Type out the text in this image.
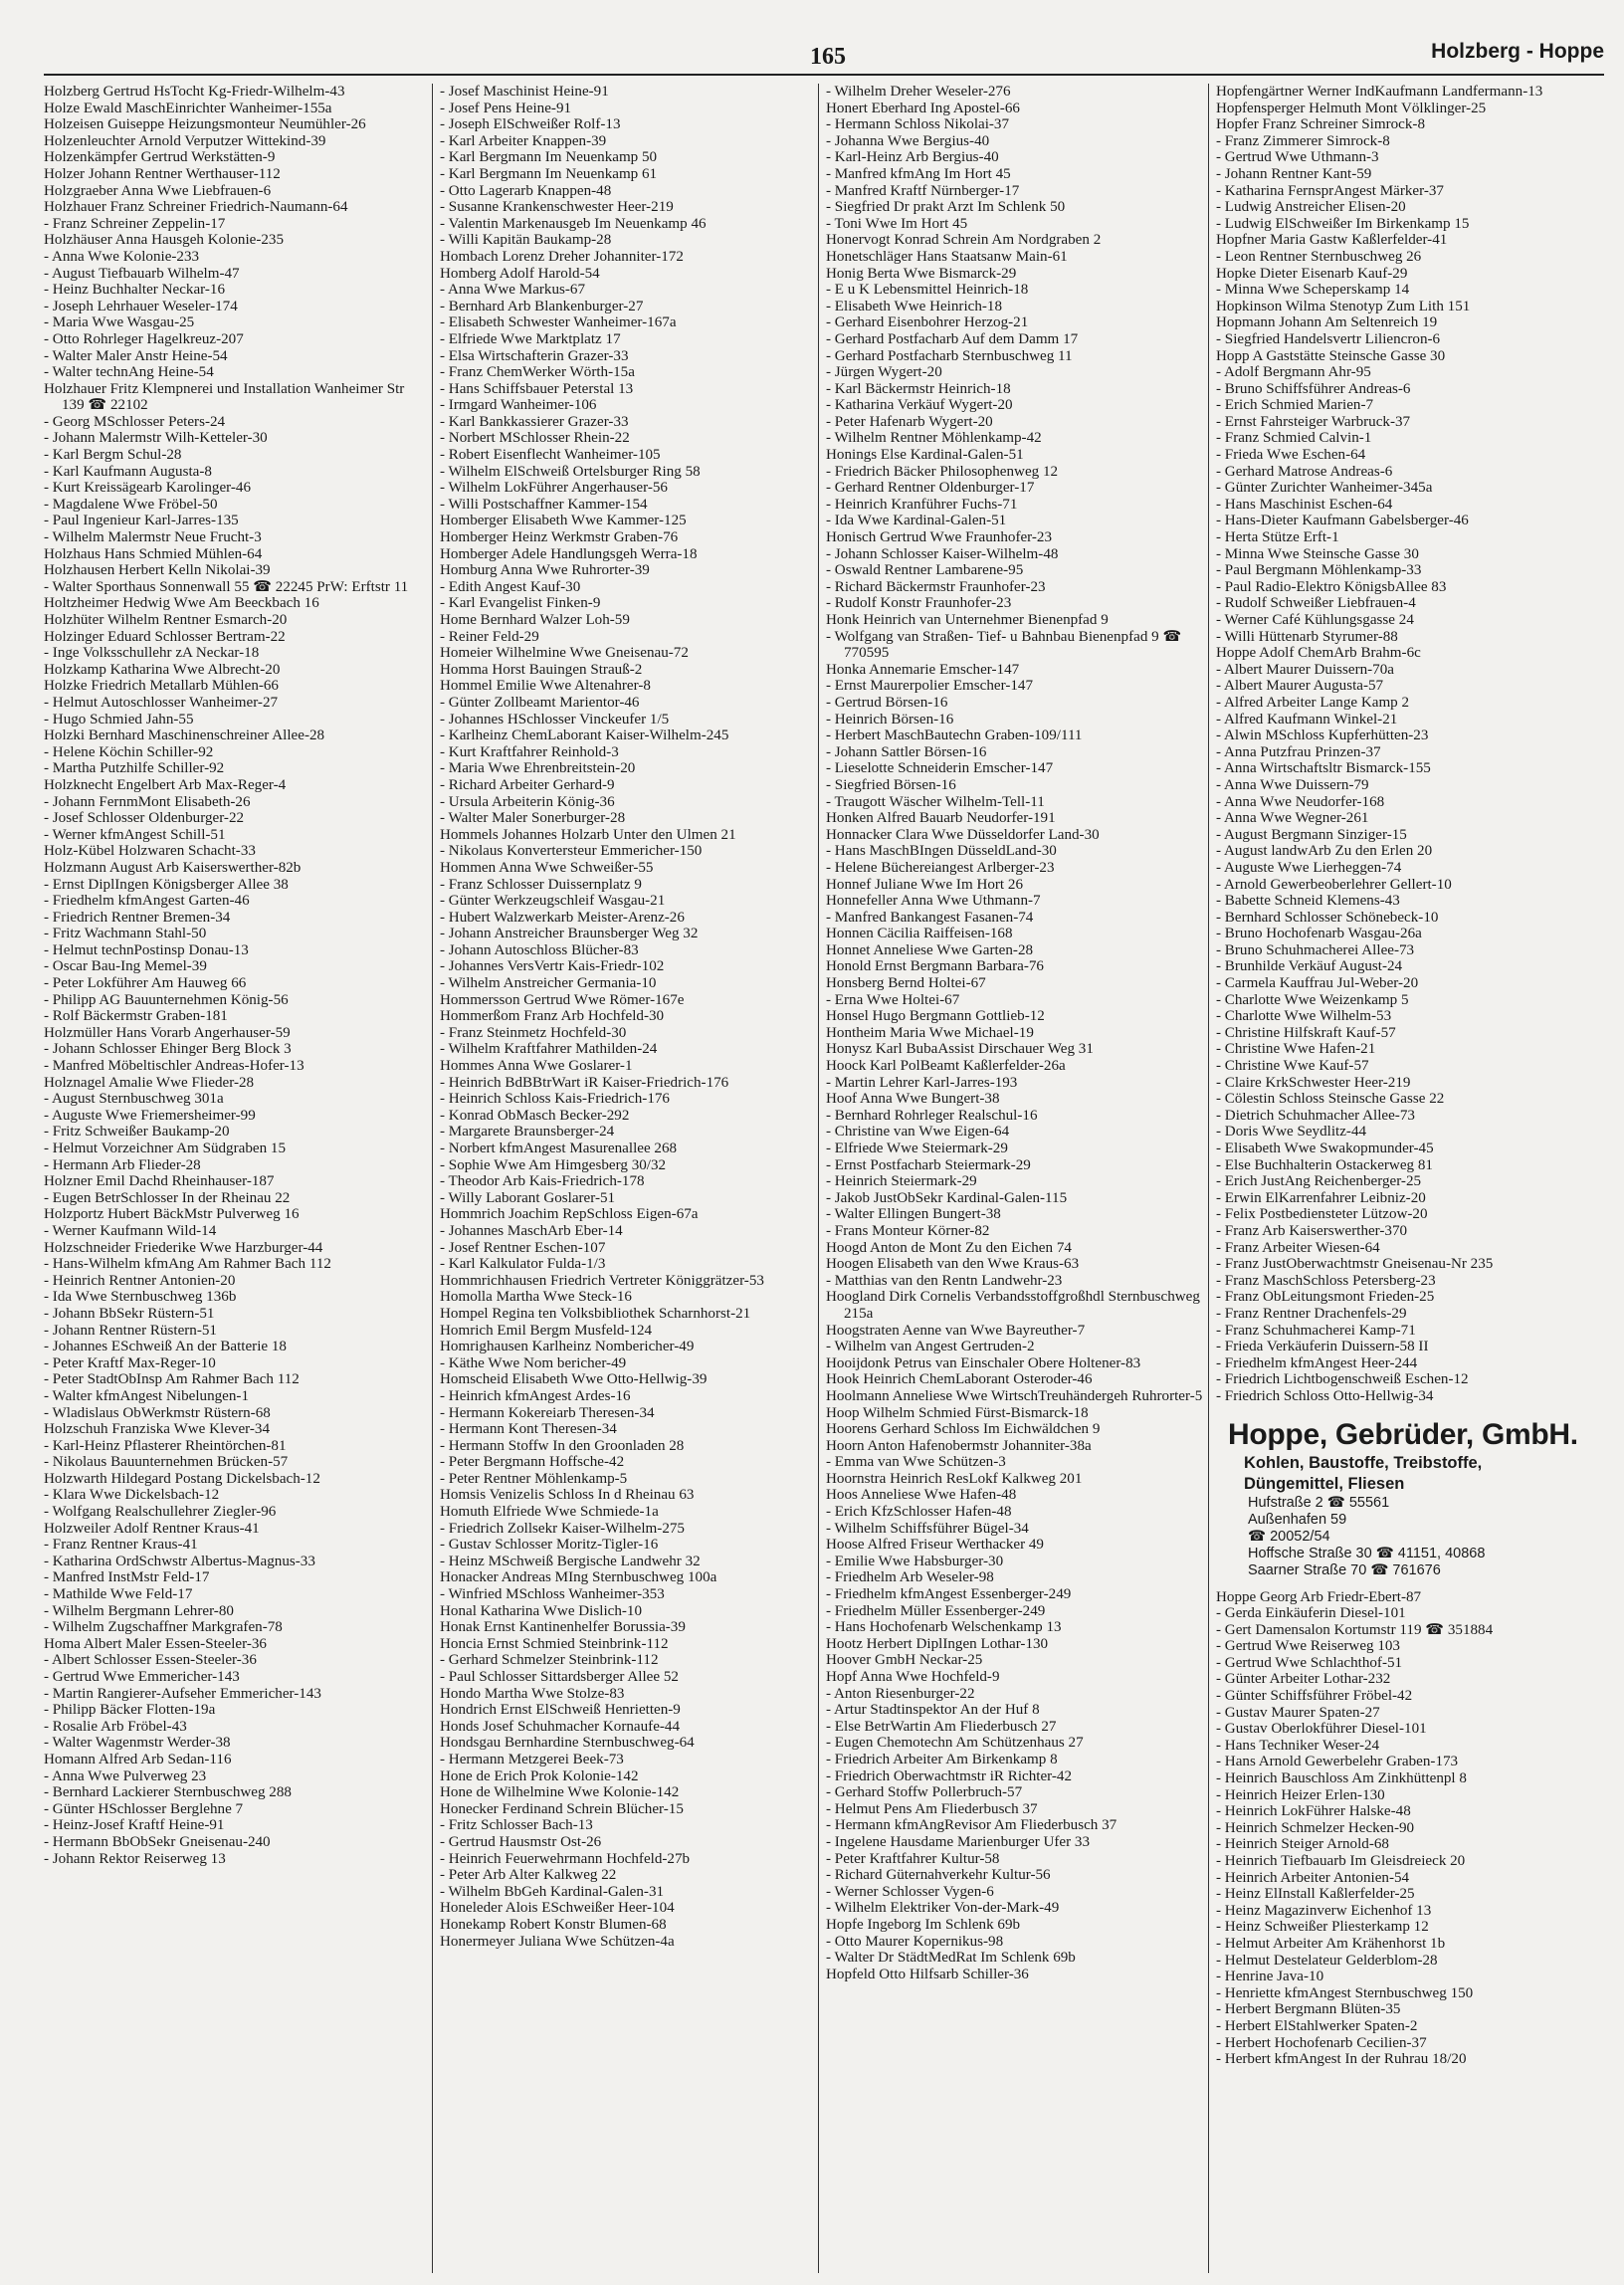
165	Holzberg - Hoppe
Holzberg Gertrud HsTocht Kg-Friedr-Wilhelm-43
Holze Ewald MaschEinrichter Wanheimer-155a
Holzeisen Guiseppe Heizungsmonteur Neumühler-26
Holzenleuchter Arnold Verputzer Wittekind-39
Holzenkämpfer Gertrud Werkstätten-9
Holzer Johann Rentner Werthauser-112
Holzgraeber Anna Wwe Liebfrauen-6
Holzhauer Franz Schreiner Friedrich-Naumann-64
- Franz Schreiner Zeppelin-17
Holzhäuser Anna Hausgeh Kolonie-235
- Anna Wwe Kolonie-233
- August Tiefbauarb Wilhelm-47
- Heinz Buchhalter Neckar-16
- Joseph Lehrhauer Weseler-174
- Maria Wwe Wasgau-25
- Otto Rohrleger Hagelkreuz-207
- Walter Maler Anstr Heine-54
- Walter technAng Heine-54
Holzhauer Fritz Klempnerei und Installation Wanheimer Str 139 ☎ 22102
- Georg MSchlosser Peters-24
- Johann Malermstr Wilh-Ketteler-30
- Karl Bergm Schul-28
- Karl Kaufmann Augusta-8
- Kurt Kreissägearb Karolinger-46
- Magdalene Wwe Fröbel-50
- Paul Ingenieur Karl-Jarres-135
- Wilhelm Malermstr Neue Frucht-3
Holzhaus Hans Schmied Mühlen-64
Holzhausen Herbert Kelln Nikolai-39
- Walter Sporthaus Sonnenwall 55 ☎ 22245 PrW: Erftstr 11
Holtzheimer Hedwig Wwe Am Beeckbach 16
Holzhüter Wilhelm Rentner Esmarch-20
Holzinger Eduard Schlosser Bertram-22
- Inge Volksschullehr zA Neckar-18
Holzkamp Katharina Wwe Albrecht-20
Holzke Friedrich Metallarb Mühlen-66
- Helmut Autoschlosser Wanheimer-27
- Hugo Schmied Jahn-55
Holzki Bernhard Maschinenschreiner Allee-28
- Helene Köchin Schiller-92
- Martha Putzhilfe Schiller-92
Holzknecht Engelbert Arb Max-Reger-4
- Johann FernmMont Elisabeth-26
- Josef Schlosser Oldenburger-22
- Werner kfmAngest Schill-51
Holz-Kübel Holzwaren Schacht-33
Holzmann August Arb Kaiserswerther-82b
- Ernst DiplIngen Königsberger Allee 38
- Friedhelm kfmAngest Garten-46
- Friedrich Rentner Bremen-34
- Fritz Wachmann Stahl-50
- Helmut technPostinsp Donau-13
- Oscar Bau-Ing Memel-39
- Peter Lokführer Am Hauweg 66
- Philipp AG Bauunternehmen König-56
- Rolf Bäckermstr Graben-181
Holzmüller Hans Vorarb Angerhauser-59
- Johann Schlosser Ehinger Berg Block 3
- Manfred Möbeltischler Andreas-Hofer-13
Holznagel Amalie Wwe Flieder-28
- August Sternbuschweg 301a
- Auguste Wwe Friemersheimer-99
- Fritz Schweißer Baukamp-20
- Helmut Vorzeichner Am Südgraben 15
- Hermann Arb Flieder-28
Holzner Emil Dachd Rheinhauser-187
- Eugen BetrSchlosser In der Rheinau 22
Holzportz Hubert BäckMstr Pulverweg 16
- Werner Kaufmann Wild-14
Holzschneider Friederike Wwe Harzburger-44
- Hans-Wilhelm kfmAng Am Rahmer Bach 112
- Heinrich Rentner Antonien-20
- Ida Wwe Sternbuschweg 136b
- Johann BbSekr Rüstern-51
- Johann Rentner Rüstern-51
- Johannes ESchweiß An der Batterie 18
- Peter Kraftf Max-Reger-10
- Peter StadtObInsp Am Rahmer Bach 112
- Walter kfmAngest Nibelungen-1
- Wladislaus ObWerkmstr Rüstern-68
Holzschuh Franziska Wwe Klever-34
- Karl-Heinz Pflasterer Rheintörchen-81
- Nikolaus Bauunternehmen Brücken-57
Holzwarth Hildegard Postang Dickelsbach-12
- Klara Wwe Dickelsbach-12
- Wolfgang Realschullehrer Ziegler-96
Holzweiler Adolf Rentner Kraus-41
- Franz Rentner Kraus-41
- Katharina OrdSchwstr Albertus-Magnus-33
- Manfred InstMstr Feld-17
- Mathilde Wwe Feld-17
- Wilhelm Bergmann Lehrer-80
- Wilhelm Zugschaffner Markgrafen-78
Homa Albert Maler Essen-Steeler-36
- Albert Schlosser Essen-Steeler-36
- Gertrud Wwe Emmericher-143
- Martin Rangierer-Aufseher Emmericher-143
- Philipp Bäcker Flotten-19a
- Rosalie Arb Fröbel-43
- Walter Wagenmstr Werder-38
Homann Alfred Arb Sedan-116
- Anna Wwe Pulverweg 23
- Bernhard Lackierer Sternbuschweg 288
- Günter HSchlosser Berglehne 7
- Heinz-Josef Kraftf Heine-91
- Hermann BbObSekr Gneisenau-240
- Johann Rektor Reiserweg 13
- Josef Maschinist Heine-91
- Josef Pens Heine-91
- Joseph ElSchweißer Rolf-13
- Karl Arbeiter Knappen-39
- Karl Bergmann Im Neuenkamp 50
- Karl Bergmann Im Neuenkamp 61
- Otto Lagerarb Knappen-48
- Susanne Krankenschwester Heer-219
- Valentin Markenausgeb Im Neuenkamp 46
- Willi Kapitän Baukamp-28
Hombach Lorenz Dreher Johanniter-172
Homberg Adolf Harold-54
- Anna Wwe Markus-67
- Bernhard Arb Blankenburger-27
- Elisabeth Schwester Wanheimer-167a
- Elfriede Wwe Marktplatz 17
- Elsa Wirtschafterin Grazer-33
- Franz ChemWerker Wörth-15a
- Hans Schiffsbauer Peterstal 13
- Irmgard Wanheimer-106
- Karl Bankkassierer Grazer-33
- Norbert MSchlosser Rhein-22
- Robert Eisenflecht Wanheimer-105
- Wilhelm ElSchweiß Ortelsburger Ring 58
- Wilhelm LokFührer Angerhauser-56
- Willi Postschaffner Kammer-154
Homberger Elisabeth Wwe Kammer-125
Homberger Heinz Werkmstr Graben-76
Homberger Adele Handlungsgeh Werra-18
Homburg Anna Wwe Ruhrorter-39
- Edith Angest Kauf-30
- Karl Evangelist Finken-9
Home Bernhard Walzer Loh-59
- Reiner Feld-29
Homeier Wilhelmine Wwe Gneisenau-72
Homma Horst Bauingen Strauß-2
Hommel Emilie Wwe Altenahrer-8
- Günter Zollbeamt Marientor-46
- Johannes HSchlosser Vinckeufer 1/5
- Karlheinz ChemLaborant Kaiser-Wilhelm-245
- Kurt Kraftfahrer Reinhold-3
- Maria Wwe Ehrenbreitstein-20
- Richard Arbeiter Gerhard-9
- Ursula Arbeiterin König-36
- Walter Maler Sonerburger-28
Hommels Johannes Holzarb Unter den Ulmen 21
- Nikolaus Konvertersteur Emmericher-150
Hommen Anna Wwe Schweißer-55
- Franz Schlosser Duissernplatz 9
- Günter Werkzeugschleif Wasgau-21
- Hubert Walzwerkarb Meister-Arenz-26
- Johann Anstreicher Braunsberger Weg 32
- Johann Autoschloss Blücher-83
- Johannes VersVertr Kais-Friedr-102
- Wilhelm Anstreicher Germania-10
Hommersson Gertrud Wwe Römer-167e
Hommerßom Franz Arb Hochfeld-30
- Franz Steinmetz Hochfeld-30
- Wilhelm Kraftfahrer Mathilden-24
Hommes Anna Wwe Goslarer-1
- Heinrich BdBBtrWart iR Kaiser-Friedrich-176
- Heinrich Schloss Kais-Friedrich-176
- Konrad ObMasch Becker-292
- Margarete Braunsberger-24
- Norbert kfmAngest Masurenallee 268
- Sophie Wwe Am Himgesberg 30/32
- Theodor Arb Kais-Friedrich-178
- Willy Laborant Goslarer-51
Hommrich Joachim RepSchloss Eigen-67a
- Johannes MaschArb Eber-14
- Josef Rentner Eschen-107
- Karl Kalkulator Fulda-1/3
Hommrichhausen Friedrich Vertreter Königgrätzer-53
Homolla Martha Wwe Steck-16
Hompel Regina ten Volksbibliothek Scharnhorst-21
Homrich Emil Bergm Musfeld-124
Homrighausen Karlheinz Nombericher-49
- Käthe Wwe Nom bericher-49
Homscheid Elisabeth Wwe Otto-Hellwig-39
- Heinrich kfmAngest Ardes-16
- Hermann Kokereiarb Theresen-34
- Hermann Kont Theresen-34
- Hermann Stoffw In den Groonladen 28
- Peter Bergmann Hoffsche-42
- Peter Rentner Möhlenkamp-5
Homsis Venizelis Schloss In d Rheinau 63
Homuth Elfriede Wwe Schmiede-1a
- Friedrich Zollsekr Kaiser-Wilhelm-275
- Gustav Schlosser Moritz-Tigler-16
- Heinz MSchweiß Bergische Landwehr 32
Honacker Andreas MIng Sternbuschweg 100a
- Winfried MSchloss Wanheimer-353
Honal Katharina Wwe Dislich-10
Honak Ernst Kantinenhelfer Borussia-39
Honcia Ernst Schmied Steinbrink-112
- Gerhard Schmelzer Steinbrink-112
- Paul Schlosser Sittardsberger Allee 52
Hondo Martha Wwe Stolze-83
Hondrich Ernst ElSchweiß Henrietten-9
Honds Josef Schuhmacher Kornaufe-44
Hondsgau Bernhardine Sternbuschweg-64
- Hermann Metzgerei Beek-73
Hone de Erich Prok Kolonie-142
Hone de Wilhelmine Wwe Kolonie-142
Honecker Ferdinand Schrein Blücher-15
- Fritz Schlosser Bach-13
- Gertrud Hausmstr Ost-26
- Heinrich Feuerwehrmann Hochfeld-27b
- Peter Arb Alter Kalkweg 22
- Wilhelm BbGeh Kardinal-Galen-31
Honeleder Alois ESchweißer Heer-104
Honekamp Robert Konstr Blumen-68
Honermeyer Juliana Wwe Schützen-4a
- Wilhelm Dreher Weseler-276
Honert Eberhard Ing Apostel-66
- Hermann Schloss Nikolai-37
- Johanna Wwe Bergius-40
- Karl-Heinz Arb Bergius-40
- Manfred kfmAng Im Hort 45
- Manfred Kraftf Nürnberger-17
- Siegfried Dr prakt Arzt Im Schlenk 50
- Toni Wwe Im Hort 45
Honervogt Konrad Schrein Am Nordgraben 2
Honetschläger Hans Staatsanw Main-61
Honig Berta Wwe Bismarck-29
- E u K Lebensmittel Heinrich-18
- Elisabeth Wwe Heinrich-18
- Gerhard Eisenbohrer Herzog-21
- Gerhard Postfacharb Auf dem Damm 17
- Gerhard Postfacharb Sternbuschweg 11
- Jürgen Wygert-20
- Karl Bäckermstr Heinrich-18
- Katharina Verkäuf Wygert-20
- Peter Hafenarb Wygert-20
- Wilhelm Rentner Möhlenkamp-42
Honings Else Kardinal-Galen-51
- Friedrich Bäcker Philosophenweg 12
- Gerhard Rentner Oldenburger-17
- Heinrich Kranführer Fuchs-71
- Ida Wwe Kardinal-Galen-51
Honisch Gertrud Wwe Fraunhofer-23
- Johann Schlosser Kaiser-Wilhelm-48
- Oswald Rentner Lambarene-95
- Richard Bäckermstr Fraunhofer-23
- Rudolf Konstr Fraunhofer-23
Honk Heinrich van Unternehmer Bienenpfad 9
- Wolfgang van Straßen- Tief- u Bahnbau Bienenpfad 9 ☎ 770595
Honka Annemarie Emscher-147
- Ernst Maurerpolier Emscher-147
- Gertrud Börsen-16
- Heinrich Börsen-16
- Herbert MaschBautechn Graben-109/111
- Johann Sattler Börsen-16
- Lieselotte Schneiderin Emscher-147
- Siegfried Börsen-16
- Traugott Wäscher Wilhelm-Tell-11
Honken Alfred Bauarb Neudorfer-191
Honnacker Clara Wwe Düsseldorfer Land-30
- Hans MaschBIngen DüsseldLand-30
- Helene Büchereiangest Arlberger-23
Honnef Juliane Wwe Im Hort 26
Honnefeller Anna Wwe Uthmann-7
- Manfred Bankangest Fasanen-74
Honnen Cäcilia Raiffeisen-168
Honnet Anneliese Wwe Garten-28
Honold Ernst Bergmann Barbara-76
Honsberg Bernd Holtei-67
- Erna Wwe Holtei-67
Honsel Hugo Bergmann Gottlieb-12
Hontheim Maria Wwe Michael-19
Honysz Karl BubaAssist Dirschauer Weg 31
Hoock Karl PolBeamt Kaßlerfelder-26a
- Martin Lehrer Karl-Jarres-193
Hoof Anna Wwe Bungert-38
- Bernhard Rohrleger Realschul-16
- Christine van Wwe Eigen-64
- Elfriede Wwe Steiermark-29
- Ernst Postfacharb Steiermark-29
- Heinrich Steiermark-29
- Jakob JustObSekr Kardinal-Galen-115
- Walter Ellingen Bungert-38
- Frans Monteur Körner-82
Hoogd Anton de Mont Zu den Eichen 74
Hoogen Elisabeth van den Wwe Kraus-63
- Matthias van den Rentn Landwehr-23
Hoogland Dirk Cornelis Verbandsstoffgroßhdl Sternbuschweg 215a
Hoogstraten Aenne van Wwe Bayreuther-7
- Wilhelm van Angest Gertruden-2
Hooijdonk Petrus van Einschaler Obere Holtener-83
Hook Heinrich ChemLaborant Osteroder-46
Hoolmann Anneliese Wwe WirtschTreuhändergeh Ruhrorter-5
Hoop Wilhelm Schmied Fürst-Bismarck-18
Hoorens Gerhard Schloss Im Eichwäldchen 9
Hoorn Anton Hafenobermstr Johanniter-38a
- Emma van Wwe Schützen-3
Hoornstra Heinrich ResLokf Kalkweg 201
Hoos Anneliese Wwe Hafen-48
- Erich KfzSchlosser Hafen-48
- Wilhelm Schiffsführer Bügel-34
Hoose Alfred Friseur Werthacker 49
- Emilie Wwe Habsburger-30
- Friedhelm Arb Weseler-98
- Friedhelm kfmAngest Essenberger-249
- Friedhelm Müller Essenberger-249
- Hans Hochofenarb Welschenkamp 13
Hootz Herbert DiplIngen Lothar-130
Hoover GmbH Neckar-25
Hopf Anna Wwe Hochfeld-9
- Anton Riesenburger-22
- Artur Stadtinspektor An der Huf 8
- Else BetrWartin Am Fliederbusch 27
- Eugen Chemotechn Am Schützenhaus 27
- Friedrich Arbeiter Am Birkenkamp 8
- Friedrich Oberwachtmstr iR Richter-42
- Gerhard Stoffw Pollerbruch-57
- Helmut Pens Am Fliederbusch 37
- Hermann kfmAngRevisor Am Fliederbusch 37
- Ingelene Hausdame Marienburger Ufer 33
- Peter Kraftfahrer Kultur-58
- Richard Güternahverkehr Kultur-56
- Werner Schlosser Vygen-6
- Wilhelm Elektriker Von-der-Mark-49
Hopfe Ingeborg Im Schlenk 69b
- Otto Maurer Kopernikus-98
- Walter Dr StädtMedRat Im Schlenk 69b
Hopfeld Otto Hilfsarb Schiller-36
Hopfengärtner Werner IndKaufmann Landfermann-13
Hopfensperger Helmuth Mont Völklinger-25
Hopfer Franz Schreiner Simrock-8
- Franz Zimmerer Simrock-8
- Gertrud Wwe Uthmann-3
- Johann Rentner Kant-59
- Katharina FernsprAngest Märker-37
- Ludwig Anstreicher Elisen-20
- Ludwig ElSchweißer Im Birkenkamp 15
Hopfner Maria Gastw Kaßlerfelder-41
- Leon Rentner Sternbuschweg 26
Hopke Dieter Eisenarb Kauf-29
- Minna Wwe Scheperskamp 14
Hopkinson Wilma Stenotyp Zum Lith 151
Hopmann Johann Am Seltenreich 19
- Siegfried Handelsvertr Liliencron-6
Hopp A Gaststätte Steinsche Gasse 30
- Adolf Bergmann Ahr-95
- Bruno Schiffsführer Andreas-6
- Erich Schmied Marien-7
- Ernst Fahrsteiger Warbruck-37
- Franz Schmied Calvin-1
- Frieda Wwe Eschen-64
- Gerhard Matrose Andreas-6
- Günter Zurichter Wanheimer-345a
- Hans Maschinist Eschen-64
- Hans-Dieter Kaufmann Gabelsberger-46
- Herta Stütze Erft-1
- Minna Wwe Steinsche Gasse 30
- Paul Bergmann Möhlenkamp-33
- Paul Radio-Elektro KönigsbAllee 83
- Rudolf Schweißer Liebfrauen-4
- Werner Café Kühlungsgasse 24
- Willi Hüttenarb Styrumer-88
Hoppe Adolf ChemArb Brahm-6c
- Albert Maurer Duissern-70a
- Albert Maurer Augusta-57
- Alfred Arbeiter Lange Kamp 2
- Alfred Kaufmann Winkel-21
- Alwin MSchloss Kupferhütten-23
- Anna Putzfrau Prinzen-37
- Anna Wirtschaftsltr Bismarck-155
- Anna Wwe Duissern-79
- Anna Wwe Neudorfer-168
- Anna Wwe Wegner-261
- August Bergmann Sinziger-15
- August landwArb Zu den Erlen 20
- Auguste Wwe Lierheggen-74
- Arnold Gewerbeoberlehrer Gellert-10
- Babette Schneid Klemens-43
- Bernhard Schlosser Schönebeck-10
- Bruno Hochofenarb Wasgau-26a
- Bruno Schuhmacherei Allee-73
- Brunhilde Verkäuf August-24
- Carmela Kauffrau Jul-Weber-20
- Charlotte Wwe Weizenkamp 5
- Charlotte Wwe Wilhelm-53
- Christine Hilfskraft Kauf-57
- Christine Wwe Hafen-21
- Christine Wwe Kauf-57
- Claire KrkSchwester Heer-219
- Cölestin Schloss Steinsche Gasse 22
- Dietrich Schuhmacher Allee-73
- Doris Wwe Seydlitz-44
- Elisabeth Wwe Swakopmunder-45
- Else Buchhalterin Ostackerweg 81
- Erich JustAng Reichenberger-25
- Erwin ElKarrenfahrer Leibniz-20
- Felix Postbediensteter Lützow-20
- Franz Arb Kaiserswerther-370
- Franz Arbeiter Wiesen-64
- Franz JustOberwachtmstr Gneisenau-Nr 235
- Franz MaschSchloss Petersberg-23
- Franz ObLeitungsmont Frieden-25
- Franz Rentner Drachenfels-29
- Franz Schuhmacherei Kamp-71
- Frieda Verkäuferin Duissern-58 II
- Friedhelm kfmAngest Heer-244
- Friedrich Lichtbogenschweiß Eschen-12
- Friedrich Schloss Otto-Hellwig-34
Hoppe, Gebrüder, GmbH.
Kohlen, Baustoffe, Treibstoffe,
Düngemittel, Fliesen
Hufstraße 2 ☎ 55561
Außenhafen 59
☎ 20052/54
Hoffsche Straße 30 ☎ 41151, 40868
Saarner Straße 70 ☎ 761676
Hoppe Georg Arb Friedr-Ebert-87
- Gerda Einkäuferin Diesel-101
- Gert Damensalon Kortumstr 119 ☎ 351884
- Gertrud Wwe Reiserweg 103
- Gertrud Wwe Schlachthof-51
- Günter Arbeiter Lothar-232
- Günter Schiffsführer Fröbel-42
- Gustav Maurer Spaten-27
- Gustav Oberlokführer Diesel-101
- Hans Techniker Weser-24
- Hans Arnold Gewerbelehr Graben-173
- Heinrich Bauschloss Am Zinkhüttenpl 8
- Heinrich Heizer Erlen-130
- Heinrich LokFührer Halske-48
- Heinrich Schmelzer Hecken-90
- Heinrich Steiger Arnold-68
- Heinrich Tiefbauarb Im Gleisdreieck 20
- Heinrich Arbeiter Antonien-54
- Heinz ElInstall Kaßlerfelder-25
- Heinz Magazinverw Eichenhof 13
- Heinz Schweißer Pliesterkamp 12
- Helmut Arbeiter Am Krähenhorst 1b
- Helmut Destelateur Gelderblom-28
- Henrine Java-10
- Henriette kfmAngest Sternbuschweg 150
- Herbert Bergmann Blüten-35
- Herbert ElStahlwerker Spaten-2
- Herbert Hochofenarb Cecilien-37
- Herbert kfmAngest In der Ruhrau 18/20
